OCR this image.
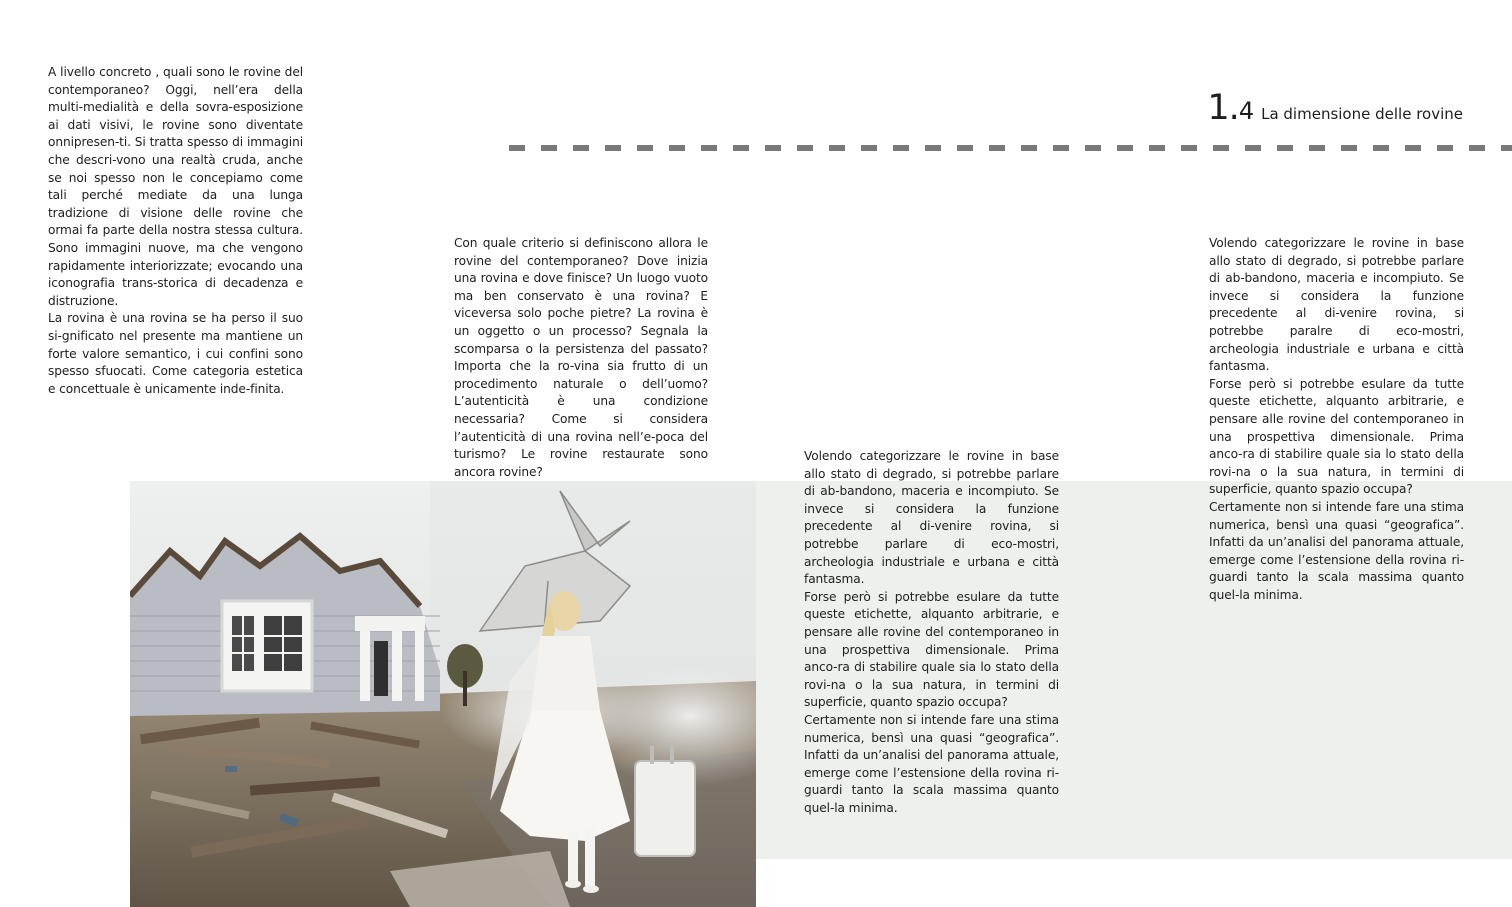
1. 4 La dimensione delle rovine

A livello concreto , quali sono le rovine del contemporaneo? Oggi, nell’era della multi-medialità e della sovra-esposizione ai dati visivi, le rovine sono diventate onnipresen-ti. Si tratta spesso di immagini che descri-vono una realtà cruda, anche se noi spesso non le concepiamo come tali perché mediate da una lunga tradizione di visione delle rovine che ormai fa parte della nostra stessa cultura. Sono immagini nuove, ma che vengono rapidamente interiorizzate; evocando una iconografia trans-storica di decadenza e distruzione.

La rovina è una rovina se ha perso il suo si-gnificato nel presente ma mantiene un forte valore semantico, i cui confini sono spesso sfuocati. Come categoria estetica e concettuale è unicamente inde-finita.

Con quale criterio si definiscono allora le rovine del contemporaneo? Dove inizia una rovina e dove finisce? Un luogo vuoto ma ben conservato è una rovina? E viceversa solo poche pietre? La rovina è un oggetto o un processo? Segnala la scomparsa o la persistenza del passato? Importa che la ro-vina sia frutto di un procedimento naturale o dell’uomo? L’autenticità è una condizione necessaria? Come si considera l’autenticità di una rovina nell’e-poca del turismo? Le rovine restaurate sono ancora rovine?

Volendo categorizzare le rovine in base allo stato di degrado, si potrebbe parlare di ab-bandono, maceria e incompiuto. Se invece si considera la funzione precedente al di-venire rovina, si potrebbe parlare di eco-mostri, archeologia industriale e urbana e città fantasma.

Forse però si potrebbe esulare da tutte queste etichette, alquanto arbitrarie, e pensare alle rovine del contemporaneo in una prospettiva dimensionale. Prima anco-ra di stabilire quale sia lo stato della rovi-na o la sua natura, in termini di superficie, quanto spazio occupa?

Certamente non si intende fare una stima numerica, bensì una quasi “geografica”. Infatti da un’analisi del panorama attuale, emerge come l’estensione della rovina ri-guardi tanto la scala massima quanto quel-la minima.

Volendo categorizzare le rovine in base allo stato di degrado, si potrebbe parlare di ab-bandono, maceria e incompiuto. Se invece si considera la funzione precedente al di-venire rovina, si potrebbe paralre di eco-mostri, archeologia industriale e urbana e città fantasma.

Forse però si potrebbe esulare da tutte queste etichette, alquanto arbitrarie, e pensare alle rovine del contemporaneo in una prospettiva dimensionale. Prima anco-ra di stabilire quale sia lo stato della rovi-na o la sua natura, in termini di superficie, quanto spazio occupa?

Certamente non si intende fare una stima numerica, bensì una quasi “geografica”. Infatti da un’analisi del panorama attuale, emerge come l’estensione della rovina ri-guardi tanto la scala massima quanto quel-la minima.
